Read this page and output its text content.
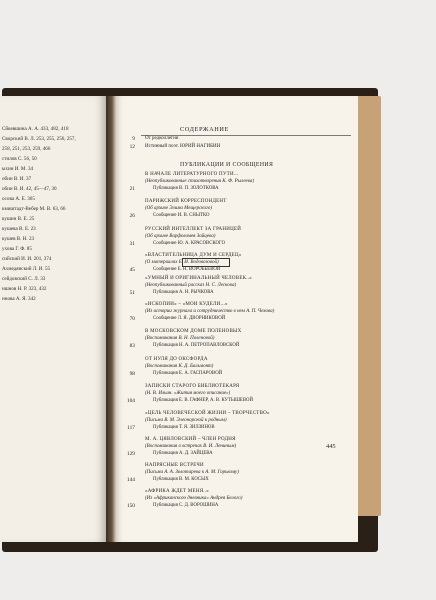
Сйкевшина А. А. 433, 482, 418
Сворский В. Л. 253, 255, 256, 257,
258, 251, 253, 259, 466
стилов С. 56, 50
ыхин И. М. 34
обин В. И. 37
обин В. И. 42, 45—47, 30
осова А. Е. 365
кмиштадт-Вебер М. В. 63, 66
кушин В. Е. 25
кушева В. Е. 23
кушев В. Н. 23
ухова Г. Ф. 85
сийский И. И. 201, 374
Ахмедянский Л. И. 55
сейдовский С. Л. 33
ншнов Н. Р. 323, 432
ннова А. Я. 342
СОДЕРЖАНИЕ
9 От редколлегии
12 Истинный поэт. ЮРИЙ НАГИБИН
ПУБЛИКАЦИИ И СООБЩЕНИЯ
В НАЧАЛЕ ЛИТЕРАТУРНОГО ПУТИ...
(Неопубликованные стихотворения К. Ф. Рылеева)
21	Публикация В. П. ЗОЛОТКОВА
ПАРИЖСКИЙ КОРРЕСПОНДЕНТ
(Об архиве Элима Мещерского)
26	Сообщение И. В. СНЫТКО
РУССКИЙ ИНТЕЛЛЕКТ ЗА ГРАНИЦЕЙ
(Об архиве Варфоломея Зайцева)
31	Сообщение Ю. А. КРАСОВСКОГО
«ВЛАСТИТЕЛЬНИЦА ДУМ И СЕРДЕЦ»
(О материалах Е. И. Водовозовой)
45	Сообщение Е. Н. ВОРОБЬЕВОЙ
«УМНЫЙ И ОРИГИНАЛЬНЫЙ ЧЕЛОВЕК..»
(Неопубликованный рассказ Н. С. Лескова)
51	Публикация А. Н. РЫЧКОВА
«ИСКОПИИ» – «МОИ КУДЕЛИ...»
(Из истории журнала и сотрудничество в нем А. П. Чехова)
70	Сообщение Л. Я. ДВОРНИКОВОЙ
В МОСКОВСКОМ ДОМЕ ПОЛЕНОВЫХ
(Воспоминания В. Н. Поленовой)
83	Публикация Н. А. ПЕТРОПАВЛОВСКОЙ
ОТ НУЛЯ ДО ОКСФОРДА
(Воспоминания К. Д. Бальмонт)
98	Публикация Е. А. ГАСПАРОВОЙ
ЗАПИСКИ СТАРОГО БИБЛИОТЕКАРЯ
(Н. В. Ильин. «Жития моего описание»)
104	Публикация Е. В. ГАФНЕР, А. В. КУТЫШЕВОЙ
«ЦЕЛЬ ЧЕЛОВЕЧЕСКОЙ ЖИЗНИ – ТВОРЧЕСТВО»
(Письма В. М. Элеонорской к родным)
117	Публикация Т. Я. ЗИЛЗИНОВ
М. А. ЦЯВЛОВСКИЙ – ЧЛЕН РОДНЯ
(Воспоминания о встречах В. И. Лениным)
129	Публикация А. Д. ЗАЙЦЕВА
НАПРЯСНЫЕ ВСТРЕЧИ
(Письма А. А. Золотарева к А. М. Горькому)
144	Публикация В. М. КОСЫХ
«АФРИКА ЖДЕТ МЕНЯ..»
(Из «Африканского дневника» Андрея Белого)
150	Публикация С. Д. ВОРОШИНА
445
